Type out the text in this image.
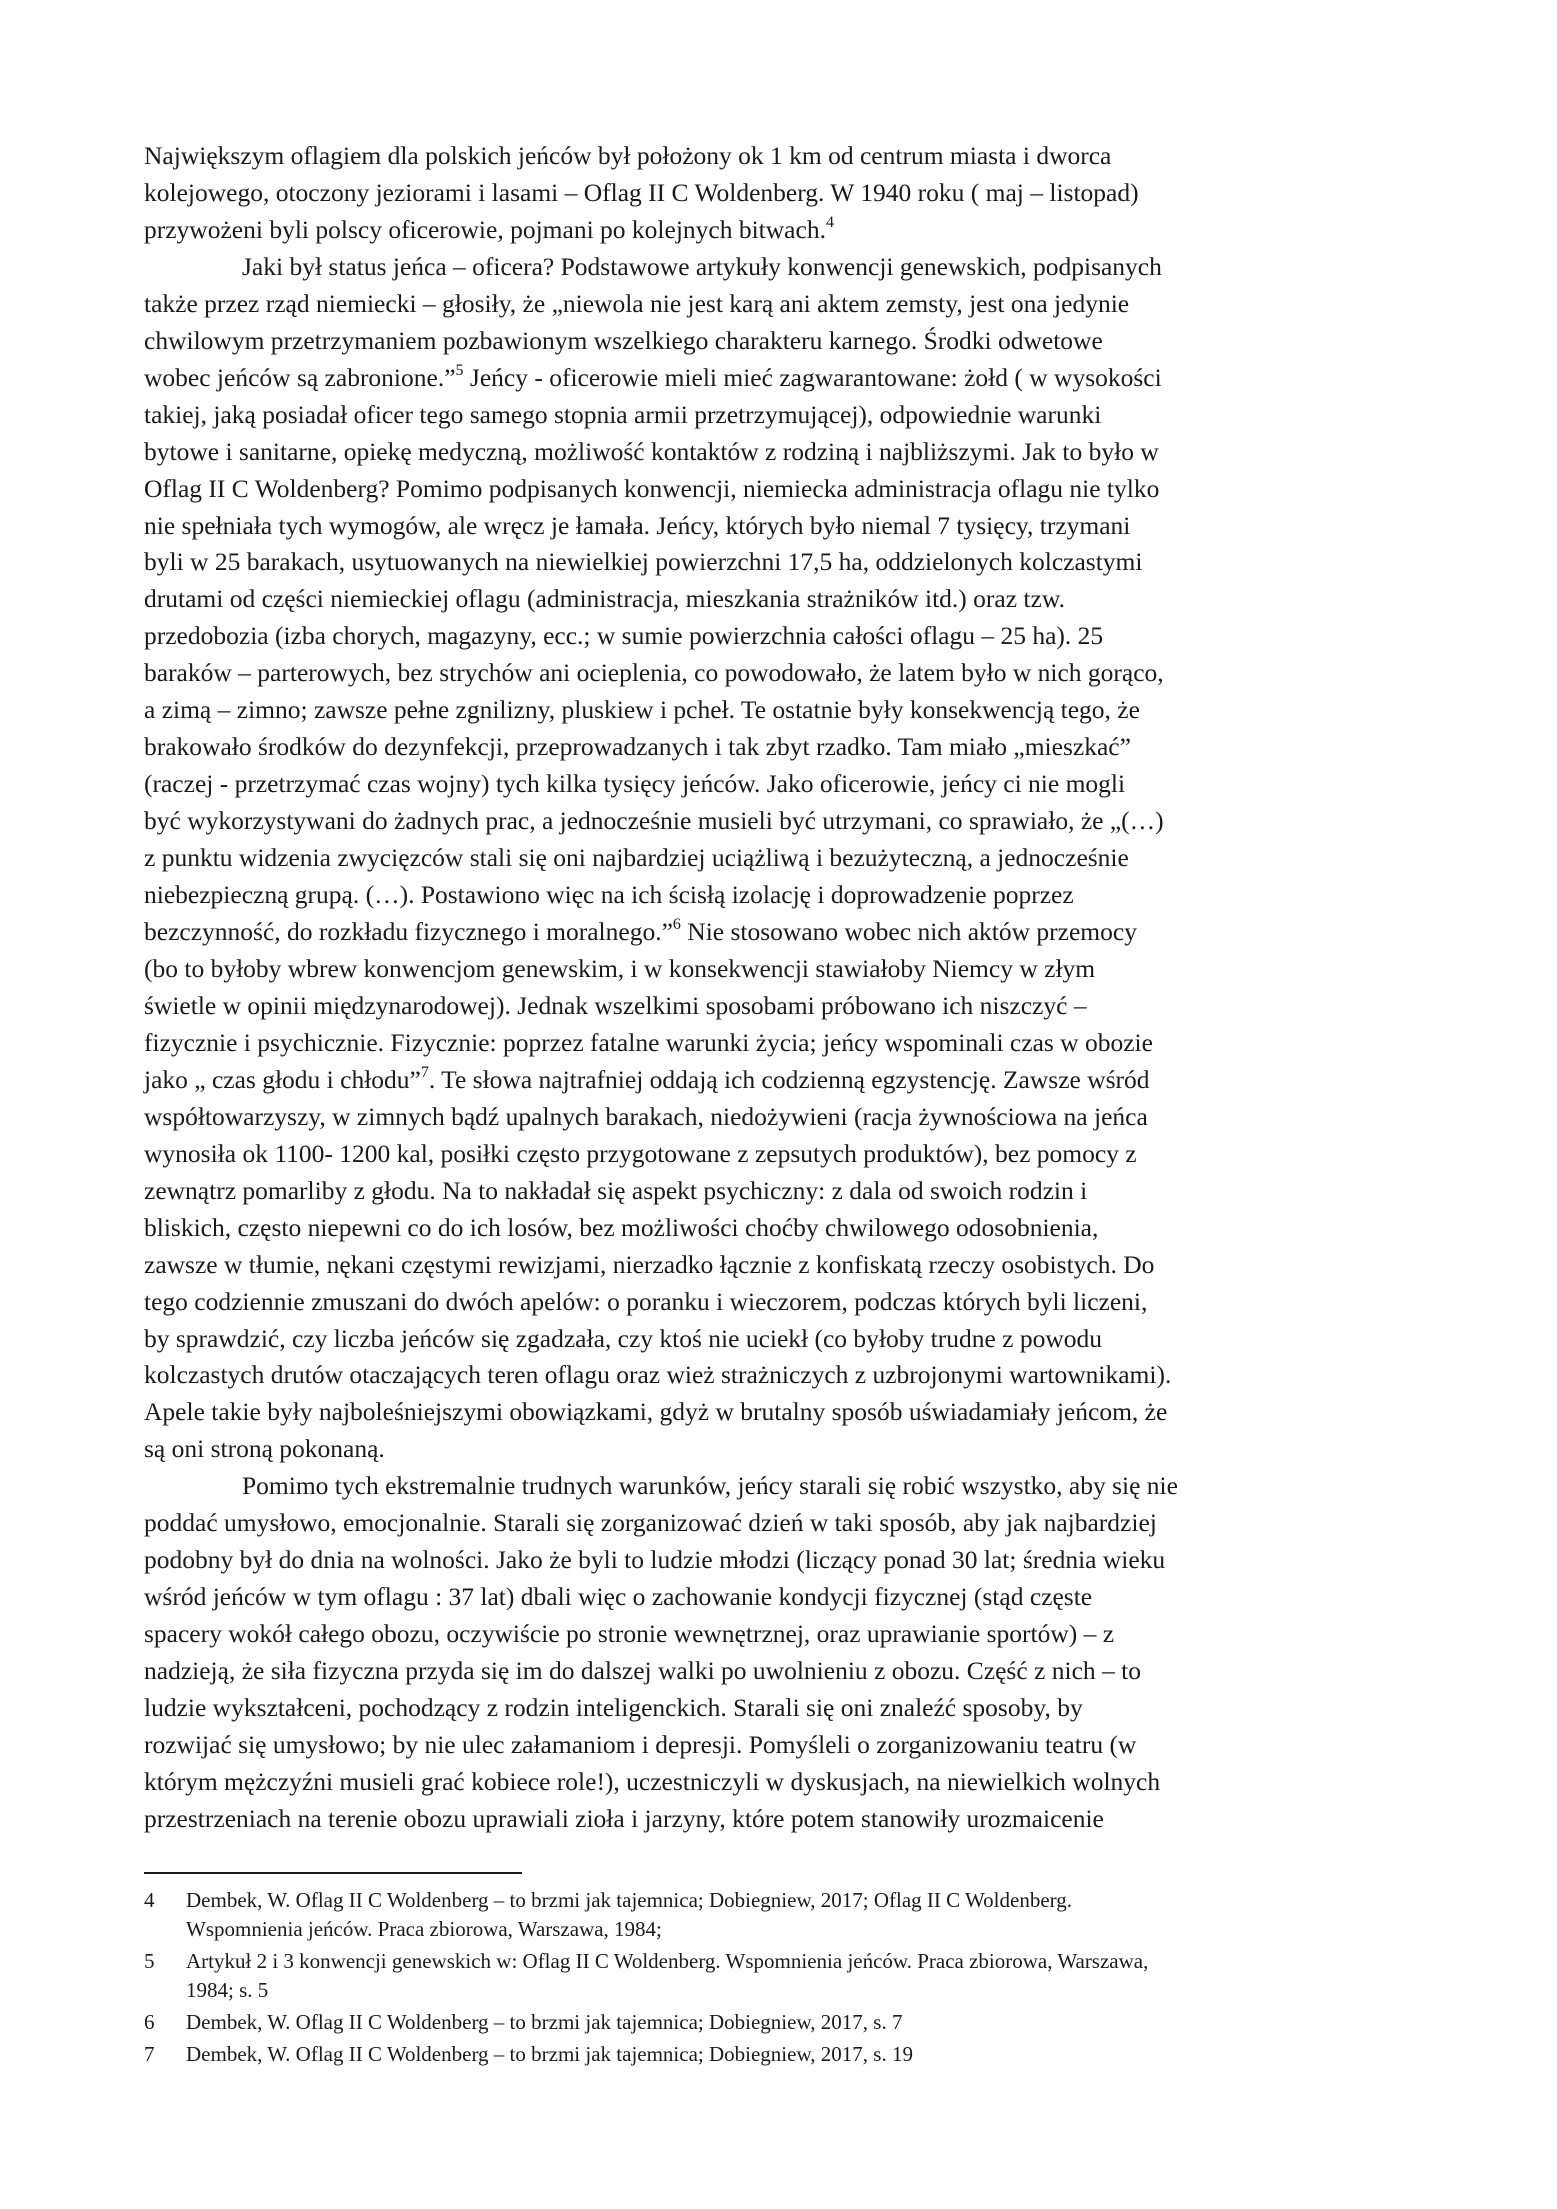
Największym oflagiem dla polskich jeńców był położony ok 1 km od centrum miasta i dworca
kolejowego, otoczony jeziorami i lasami – Oflag II C Woldenberg. W 1940 roku ( maj – listopad)
przywożeni byli polscy oficerowie, pojmani po kolejnych bitwach.$^4$
Jaki był status jeńca – oficera? Podstawowe artykuły konwencji genewskich, podpisanych
także przez rząd niemiecki – głosiły, że „niewola nie jest karą ani aktem zemsty, jest ona jedynie
chwilowym przetrzymaniem pozbawionym wszelkiego charakteru karnego. Środki odwetowe
wobec jeńców są zabronione.”$^5$ Jeńcy - oficerowie mieli mieć zagwarantowane: żołd ( w wysokości
takiej, jaką posiadał oficer tego samego stopnia armii przetrzymującej), odpowiednie warunki
bytowe i sanitarne, opiekę medyczną, możliwość kontaktów z rodziną i najbliższymi. Jak to było w
Oflag II C Woldenberg? Pomimo podpisanych konwencji, niemiecka administracja oflagu nie tylko
nie spełniała tych wymogów, ale wręcz je łamała. Jeńcy, których było niemal 7 tysięcy, trzymani
byli w 25 barakach, usytuowanych na niewielkiej powierzchni 17,5 ha, oddzielonych kolczastymi
drutami od części niemieckiej oflagu (administracja, mieszkania strażników itd.) oraz tzw.
przedobozia (izba chorych, magazyny, ecc.; w sumie powierzchnia całości oflagu – 25 ha). 25
baraków – parterowych, bez strychów ani ocieplenia, co powodowało, że latem było w nich gorąco,
a zimą – zimno; zawsze pełne zgnilizny, pluskiew i pcheł. Te ostatnie były konsekwencją tego, że
brakowało środków do dezynfekcji, przeprowadzanych i tak zbyt rzadko. Tam miało „mieszkać”
(raczej - przetrzymać czas wojny) tych kilka tysięcy jeńców. Jako oficerowie, jeńcy ci nie mogli
być wykorzystywani do żadnych prac, a jednocześnie musieli być utrzymani, co sprawiało, że „(…)
z punktu widzenia zwycięzców stali się oni najbardziej uciążliwą i bezużyteczną, a jednocześnie
niebezpieczną grupą. (…). Postawiono więc na ich ścisłą izolację i doprowadzenie poprzez
bezczynność, do rozkładu fizycznego i moralnego.”$^6$ Nie stosowano wobec nich aktów przemocy
(bo to byłoby wbrew konwencjom genewskim, i w konsekwencji stawiałoby Niemcy w złym
świetle w opinii międzynarodowej). Jednak wszelkimi sposobami próbowano ich niszczyć –
fizycznie i psychicznie. Fizycznie: poprzez fatalne warunki życia; jeńcy wspominali czas w obozie
jako „ czas głodu i chłodu”$^7$. Te słowa najtrafniej oddają ich codzienną egzystencję. Zawsze wśród
współtowarzyszy, w zimnych bądź upalnych barakach, niedożywieni (racja żywnościowa na jeńca
wynosiła ok 1100- 1200 kal, posiłki często przygotowane z zepsutych produktów), bez pomocy z
zewnątrz pomarliby z głodu. Na to nakładał się aspekt psychiczny: z dala od swoich rodzin i
bliskich, często niepewni co do ich losów, bez możliwości choćby chwilowego odosobnienia,
zawsze w tłumie, nękani częstymi rewizjami, nierzadko łącznie z konfiskatą rzeczy osobistych. Do
tego codziennie zmuszani do dwóch apelów: o poranku i wieczorem, podczas których byli liczeni,
by sprawdzić, czy liczba jeńców się zgadzała, czy ktoś nie uciekł (co byłoby trudne z powodu
kolczastych drutów otaczających teren oflagu oraz wież strażniczych z uzbrojonymi wartownikami).
Apele takie były najboleśniejszymi obowiązkami, gdyż w brutalny sposób uświadamiały jeńcom, że
są oni stroną pokonaną.
Pomimo tych ekstremalnie trudnych warunków, jeńcy starali się robić wszystko, aby się nie
poddać umysłowo, emocjonalnie. Starali się zorganizować dzień w taki sposób, aby jak najbardziej
podobny był do dnia na wolności. Jako że byli to ludzie młodzi (liczący ponad 30 lat; średnia wieku
wśród jeńców w tym oflagu : 37 lat) dbali więc o zachowanie kondycji fizycznej (stąd częste
spacery wokół całego obozu, oczywiście po stronie wewnętrznej, oraz uprawianie sportów) – z
nadzieją, że siła fizyczna przyda się im do dalszej walki po uwolnieniu z obozu. Część z nich – to
ludzie wykształceni, pochodzący z rodzin inteligenckich. Starali się oni znaleźć sposoby, by
rozwijać się umysłowo; by nie ulec załamaniom i depresji. Pomyśleli o zorganizowaniu teatru (w
którym mężczyźni musieli grać kobiece role!), uczestniczyli w dyskusjach, na niewielkich wolnych
przestrzeniach na terenie obozu uprawiali zioła i jarzyny, które potem stanowiły urozmaicenie
4	Dembek, W. Oflag II C Woldenberg – to brzmi jak tajemnica; Dobiegniew, 2017; Oflag II C Woldenberg.
Wspomnienia jeńców. Praca zbiorowa, Warszawa, 1984;
5	Artykuł 2 i 3 konwencji genewskich w: Oflag II C Woldenberg. Wspomnienia jeńców. Praca zbiorowa, Warszawa,
1984; s. 5
6	Dembek, W. Oflag II C Woldenberg – to brzmi jak tajemnica; Dobiegniew, 2017, s. 7
7	Dembek, W. Oflag II C Woldenberg – to brzmi jak tajemnica; Dobiegniew, 2017, s. 19
